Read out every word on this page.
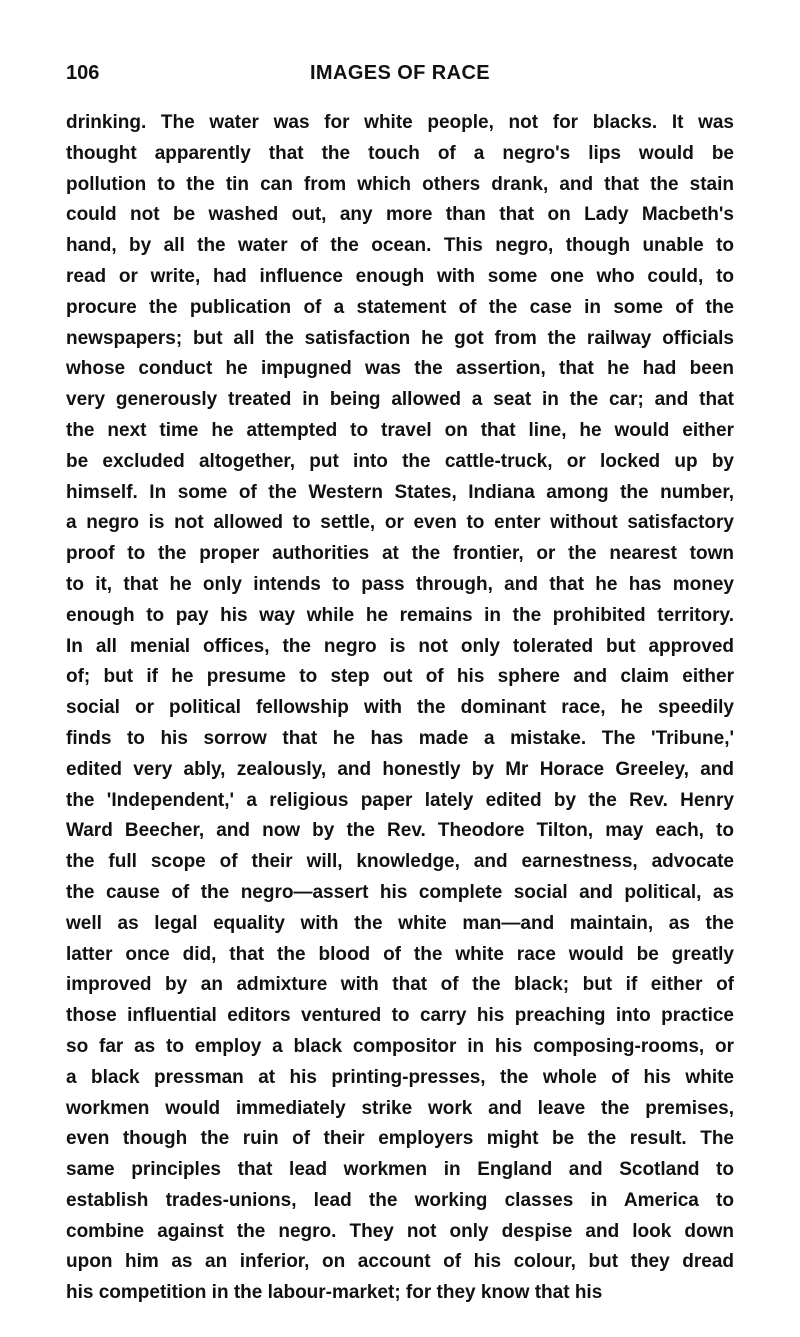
106	IMAGES OF RACE
drinking. The water was for white people, not for blacks. It was
thought apparently that the touch of a negro's lips would be
pollution to the tin can from which others drank, and that the stain
could not be washed out, any more than that on Lady Macbeth's
hand, by all the water of the ocean. This negro, though unable to
read or write, had influence enough with some one who could, to
procure the publication of a statement of the case in some of the
newspapers; but all the satisfaction he got from the railway officials
whose conduct he impugned was the assertion, that he had been
very generously treated in being allowed a seat in the car; and that
the next time he attempted to travel on that line, he would either
be excluded altogether, put into the cattle-truck, or locked up by
himself. In some of the Western States, Indiana among the number,
a negro is not allowed to settle, or even to enter without satisfactory
proof to the proper authorities at the frontier, or the nearest town
to it, that he only intends to pass through, and that he has money
enough to pay his way while he remains in the prohibited territory.
In all menial offices, the negro is not only tolerated but approved
of; but if he presume to step out of his sphere and claim either
social or political fellowship with the dominant race, he speedily
finds to his sorrow that he has made a mistake. The 'Tribune,'
edited very ably, zealously, and honestly by Mr Horace Greeley, and
the 'Independent,' a religious paper lately edited by the Rev. Henry
Ward Beecher, and now by the Rev. Theodore Tilton, may each, to
the full scope of their will, knowledge, and earnestness, advocate
the cause of the negro—assert his complete social and political, as
well as legal equality with the white man—and maintain, as the
latter once did, that the blood of the white race would be greatly
improved by an admixture with that of the black; but if either of
those influential editors ventured to carry his preaching into practice
so far as to employ a black compositor in his composing-rooms, or
a black pressman at his printing-presses, the whole of his white
workmen would immediately strike work and leave the premises,
even though the ruin of their employers might be the result. The
same principles that lead workmen in England and Scotland to
establish trades-unions, lead the working classes in America to
combine against the negro. They not only despise and look down
upon him as an inferior, on account of his colour, but they dread
his competition in the labour-market; for they know that his
